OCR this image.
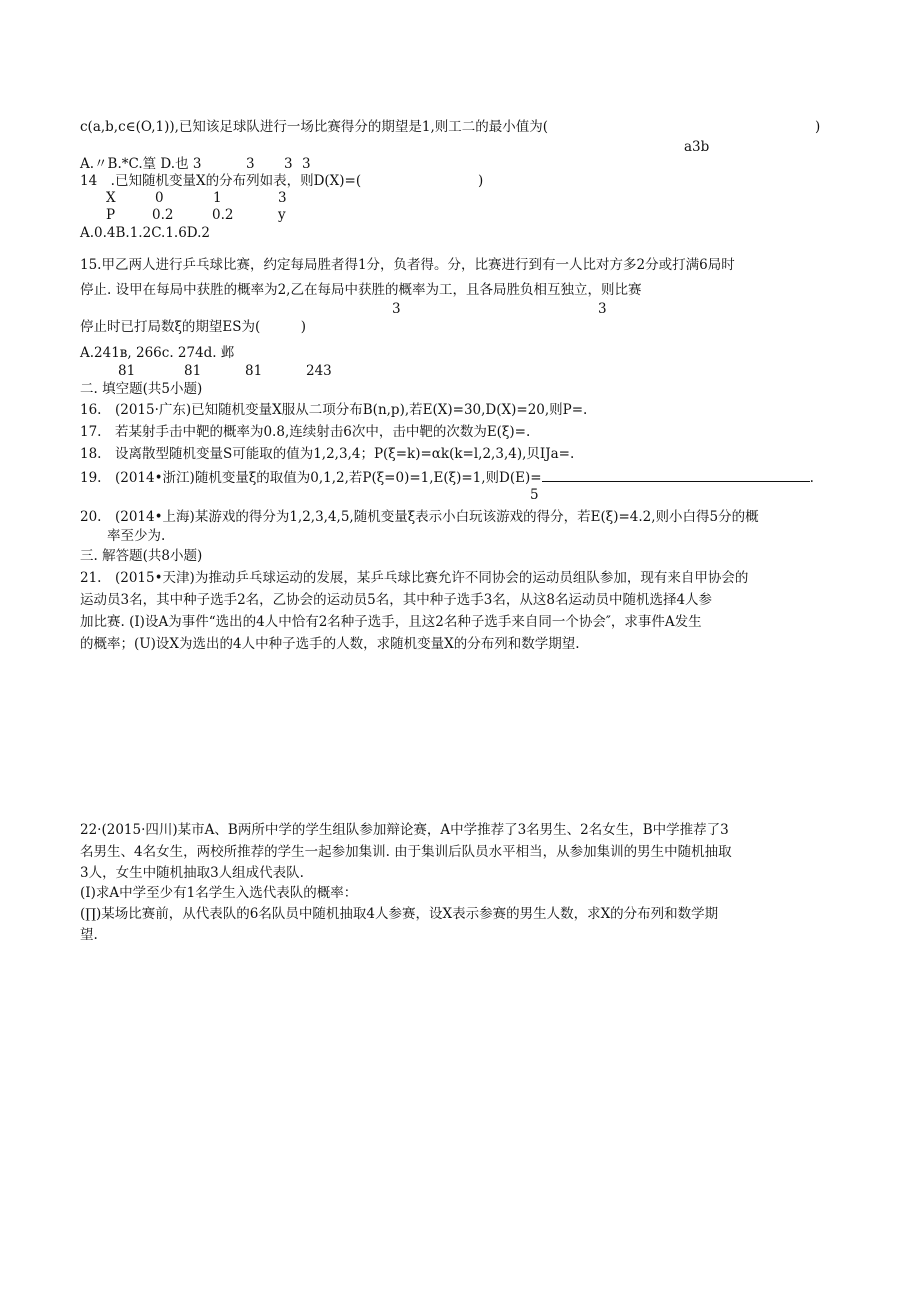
c(a,b,c∈(O,1)),已知该足球队进行一场比赛得分的期望是1,则工二的最小值为(	)
a3b
A.〃B.*C.篁 D.也 3	3 3 3
14　.已知随机变量X的分布列如表，则D(X)=(	)
X	0	1	3
P	0.2	0.2	y
A.0.4B.1.2C.1.6D.2
15.甲乙两人进行乒乓球比赛，约定每局胜者得1分，负者得。分，比赛进行到有一人比对方多2分或打满6局时
停止. 设甲在每局中获胜的概率为2,乙在每局中获胜的概率为工，且各局胜负相互独立，则比赛
3	3
停止时已打局数ξ的期望ES为(　　　)
A.241в, 266c. 274d. 邺
81	81	81	243
二. 填空题(共5小题)
16.　(2015·广东)已知随机变量X服从二项分布B(n,p),若E(X)=30,D(X)=20,则P=.
17.　若某射手击中靶的概率为0.8,连续射击6次中，击中靶的次数为E(ξ)=.
18.　设离散型随机变量S可能取的值为1,2,3,4；P(ξ=k)=αk(k=l,2,3,4),贝IJa=.
19.　(2014•浙江)随机变量ξ的取值为0,1,2,若P(ξ=0)=1,E(ξ)=1,则D(E)=	.
5
20.　(2014•上海)某游戏的得分为1,2,3,4,5,随机变量ξ表示小白玩该游戏的得分，若E(ξ)=4.2,则小白得5分的概
率至少为.
三. 解答题(共8小题)
21.　(2015•天津)为推动乒乓球运动的发展，某乒乓球比赛允许不同协会的运动员组队参加，现有来自甲协会的
运动员3名，其中种子选手2名，乙协会的运动员5名，其中种子选手3名，从这8名运动员中随机选择4人参
加比赛. (I)设A为事件“选出的4人中恰有2名种子选手，且这2名种子选手来自同一个协会″，求事件A发生
的概率；(U)设X为选出的4人中种子选手的人数，求随机变量X的分布列和数学期望.
22·(2015·四川)某市A、B两所中学的学生组队参加辩论赛，A中学推荐了3名男生、2名女生，B中学推荐了3
名男生、4名女生，两校所推荐的学生一起参加集训. 由于集训后队员水平相当，从参加集训的男生中随机抽取
3人，女生中随机抽取3人组成代表队.
(I)求A中学至少有1名学生入选代表队的概率：
(∏)某场比赛前，从代表队的6名队员中随机抽取4人参赛，设X表示参赛的男生人数，求X的分布列和数学期
望.
